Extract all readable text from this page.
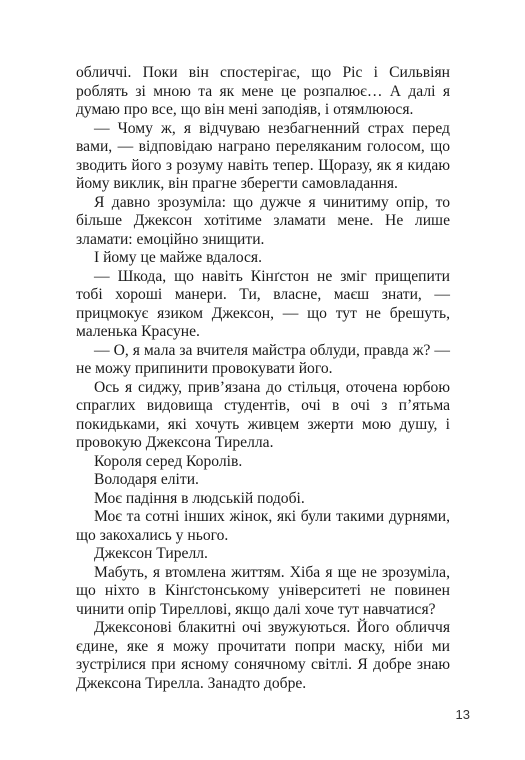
обличчі. Поки він спостерігає, що Ріс і Сильвіян роблять зі мною та як мене це розпалює… А далі я думаю про все, що він мені заподіяв, і отямлююся.

— Чому ж, я відчуваю незбагненний страх перед вами, — відповідаю награно переляканим голосом, що зводить його з розуму навіть тепер. Щоразу, як я кидаю йому виклик, він прагне зберегти самовладання.

Я давно зрозуміла: що дужче я чинитиму опір, то більше Джексон хотітиме зламати мене. Не лише зламати: емоційно знищити.

І йому це майже вдалося.

— Шкода, що навіть Кінґстон не зміг прищепити тобі хороші манери. Ти, власне, маєш знати, — прицмокує язиком Джексон, — що тут не брешуть, маленька Красуне.

— О, я мала за вчителя майстра облуди, правда ж? — не можу припинити провокувати його.

Ось я сиджу, прив’язана до стільця, оточена юрбою спраглих видовища студентів, очі в очі з п’ятьма покидьками, які хочуть живцем зжерти мою душу, і провокую Джексона Тирелла.

Короля серед Королів.

Володаря еліти.

Моє падіння в людській подобі.

Моє та сотні інших жінок, які були такими дурнями, що закохались у нього.

Джексон Тирелл.

Мабуть, я втомлена життям. Хіба я ще не зрозуміла, що ніхто в Кінґстонському університеті не повинен чинити опір Тиреллові, якщо далі хоче тут навчатися?

Джексонові блакитні очі звужуються. Його обличчя єдине, яке я можу прочитати попри маску, ніби ми зустрілися при ясному сонячному світлі. Я добре знаю Джексона Тирелла. Занадто добре.

13
